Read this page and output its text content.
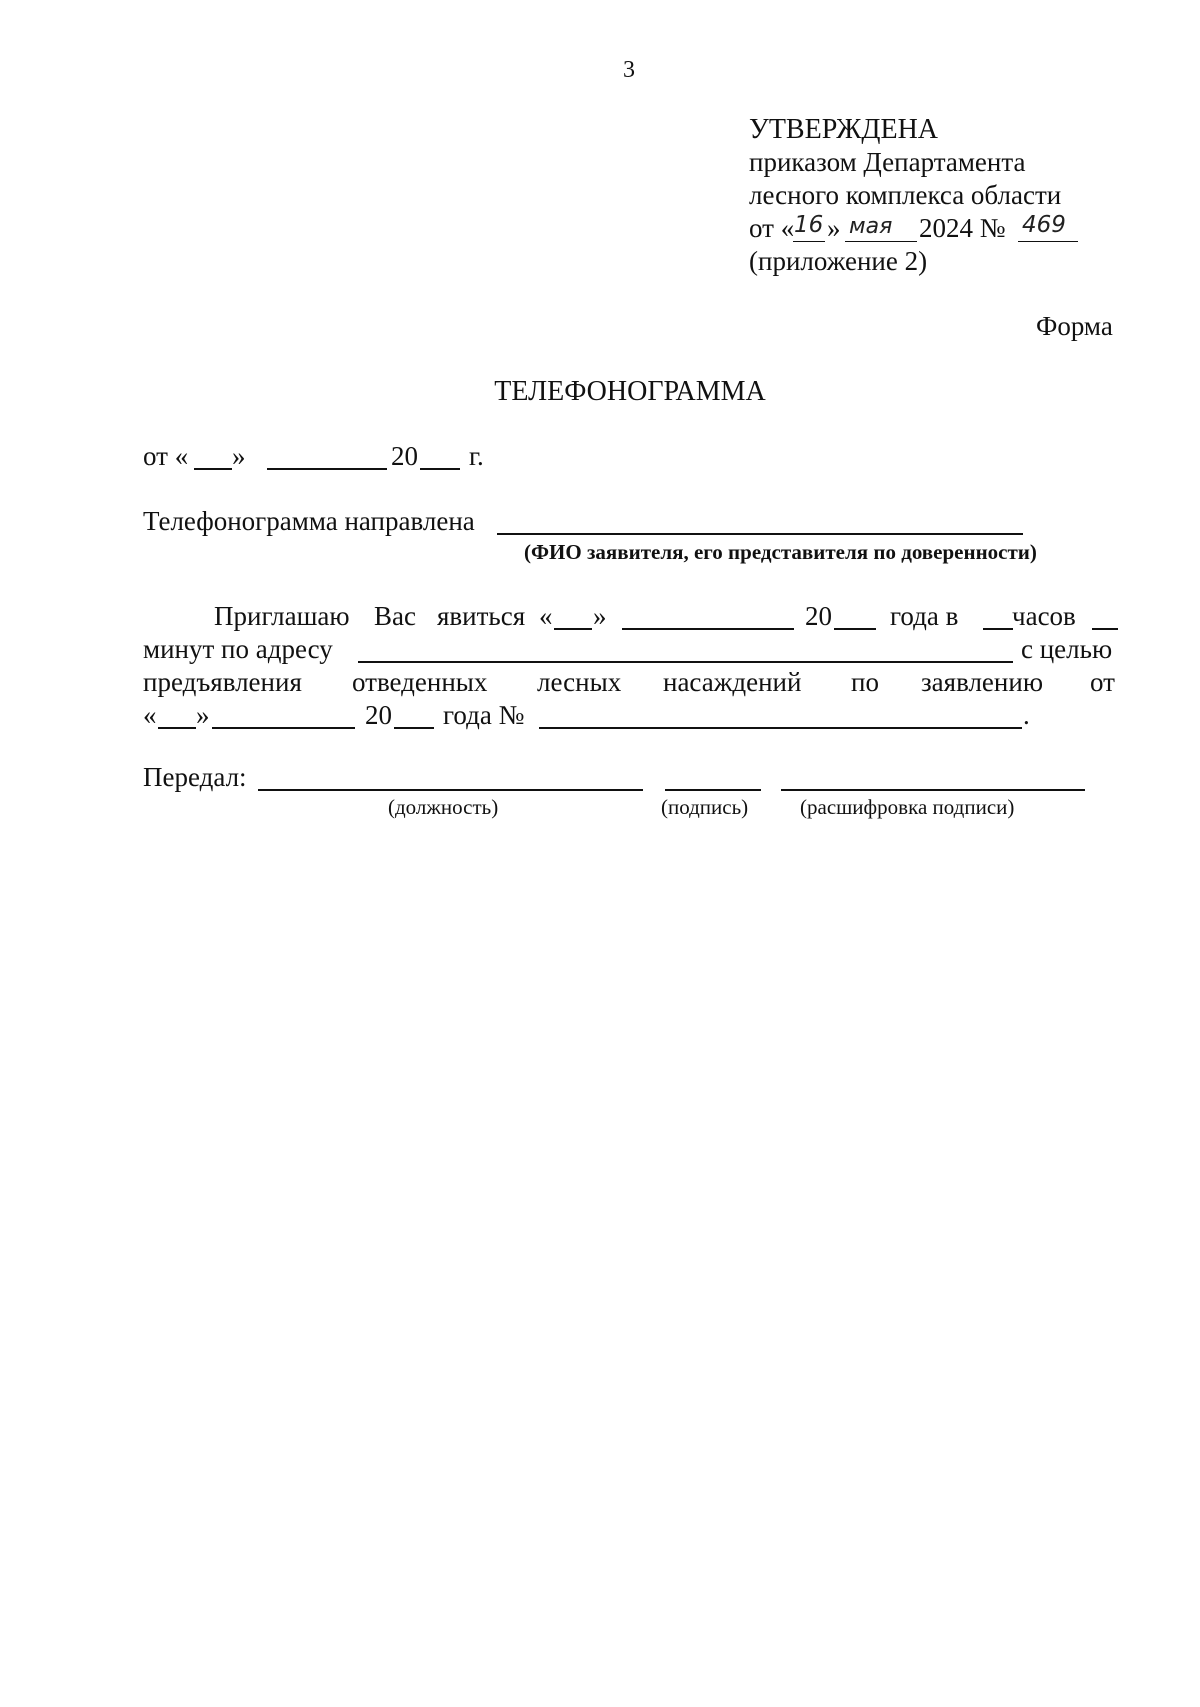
3
УТВЕРЖДЕНА
приказом Департамента
лесного комплекса области
от « 16 » мая 2024 № 469
(приложение 2)
Форма
ТЕЛЕФОНОГРАММА
от « »	20 г.
Телефонограмма направлена
(ФИО заявителя, его представителя по доверенности)
Приглашаю Вас явиться « »	20 года в часов
минут по адресу	с целью
предъявления отведенных лесных насаждений по заявлению от
« »	20 года №	.
Передал:
(должность)	(подпись) (расшифровка подписи)
